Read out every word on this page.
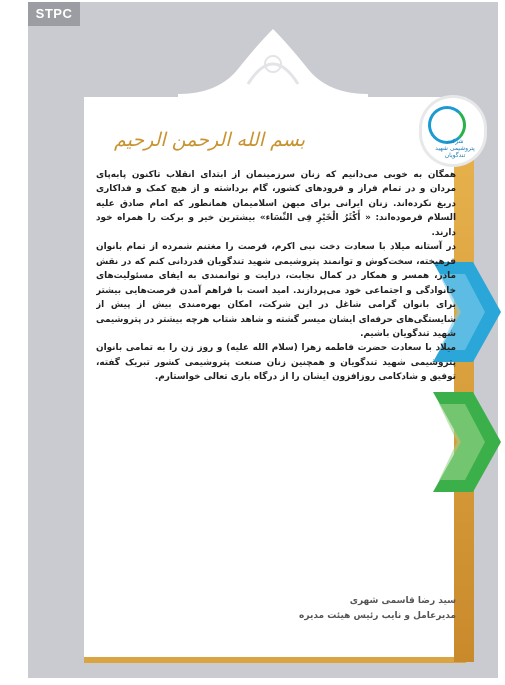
STPC
شرکت پتروشیمی شهید تندگویان
بسم الله الرحمن الرحیم

همگان به خوبی می‌دانیم که زنان سرزمینمان از ابتدای انقلاب تاکنون پابه‌پای مردان و در تمام فراز و فرودهای کشور، گام برداشته و از هیچ کمک و فداکاری دریغ نکرده‌اند. زنان ایرانی برای میهن اسلامیمان همانطور که امام صادق علیه السلام فرموده‌اند: « أَکْثَرُ الْخَیْرِ فِی النِّسَاء» بیشترین خیر و برکت را همراه خود دارند.

در آستانه میلاد با سعادت دخت نبی اکرم، فرصت را مغتنم شمرده از تمام بانوان فرهیخته، سخت‌کوش و توانمند پتروشیمی شهید تندگویان قدردانی کنم که در نقش مادر، همسر و همکار در کمال نجابت، درایت و توانمندی به ایفای مسئولیت‌های خانوادگی و اجتماعی خود می‌پردازند. امید است با فراهم آمدن فرصت‌هایی بیشتر برای بانوان گرامی شاغل در این شرکت، امکان بهره‌مندی بیش از پیش از شایستگی‌های حرفه‌ای ایشان میسر گشته و شاهد شتاب هرچه بیشتر در پتروشیمی شهید تندگویان باشیم.

میلاد با سعادت حضرت فاطمه زهرا (سلام الله علیه) و روز زن را به تمامی بانوان پتروشیمی شهید تندگویان و همچنین زنان صنعت پتروشیمی کشور تبریک گفته، توفیق و شادکامی روزافزون ایشان را از درگاه باری تعالی خواستارم.

سید رضا قاسمی شهری
مدیرعامل و نایب رئیس هیئت مدیره
